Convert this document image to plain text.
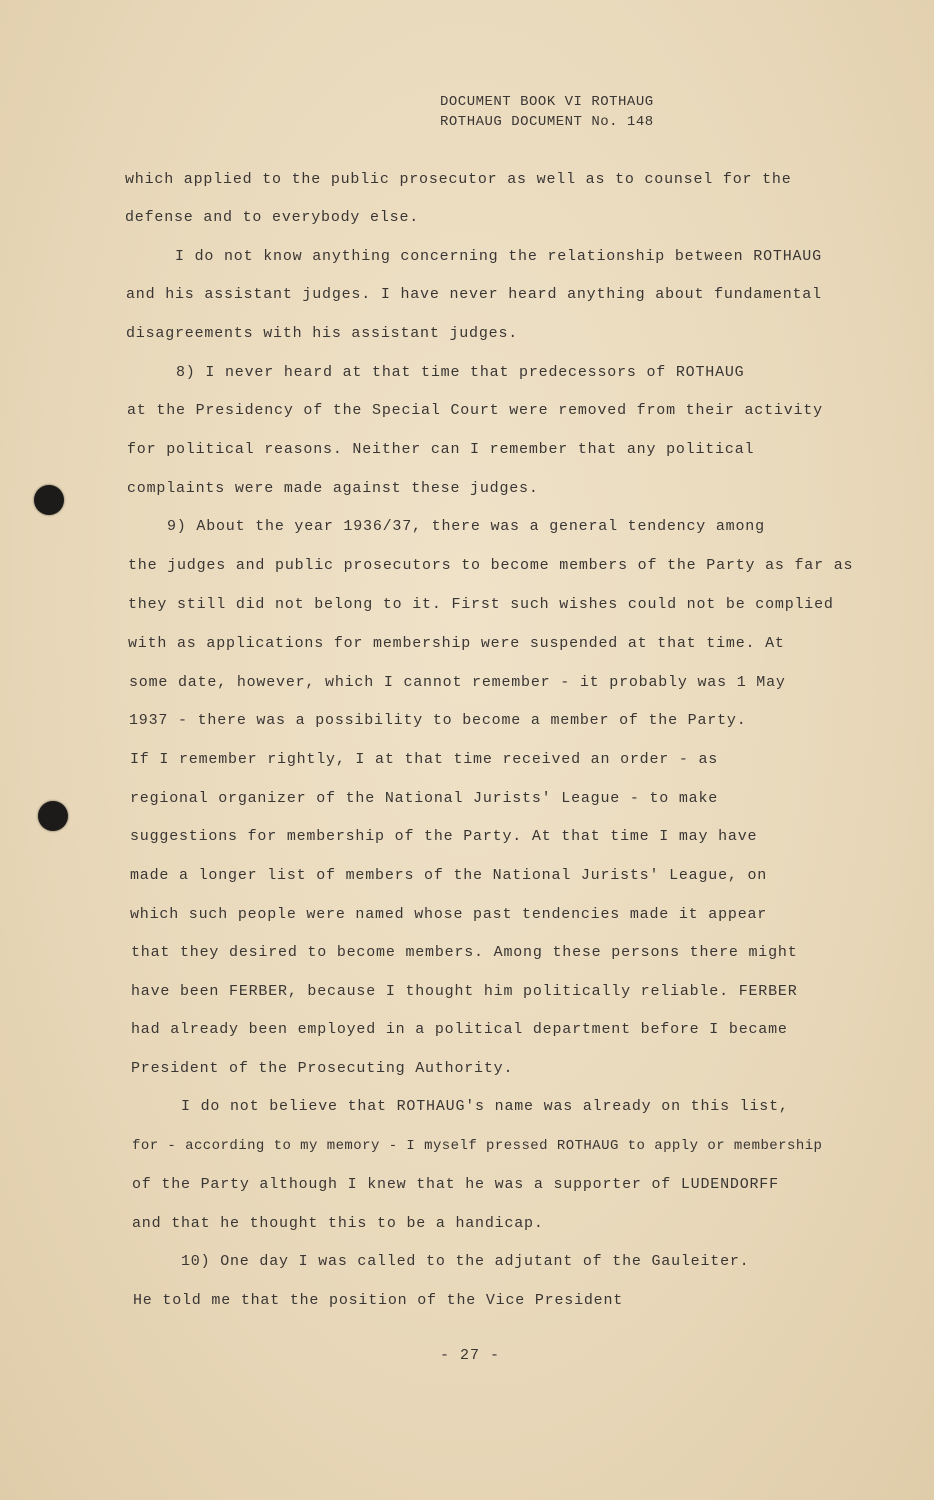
DOCUMENT BOOK VI ROTHAUG
ROTHAUG DOCUMENT No. 148
which applied to the public prosecutor as well as to counsel for the
defense and to everybody else.
I do not know anything concerning the relationship between ROTHAUG
and his assistant judges. I have never heard anything about fundamental
disagreements with his assistant judges.
8) I never heard at that time that predecessors of ROTHAUG
at the Presidency of the Special Court were removed from their activity
for political reasons. Neither can I remember that any political
complaints were made against these judges.
9) About the year 1936/37, there was a general tendency among
the judges and public prosecutors to become members of the Party as far as
they still did not belong to it. First such wishes could not be complied
with as applications for membership were suspended at that time. At
some date, however, which I cannot remember - it probably was 1 May
1937 - there was a possibility to become a member of the Party.
If I remember rightly, I at that time received an order - as
regional organizer of the National Jurists' League - to make
suggestions for membership of the Party. At that time I may have
made a longer list of members of the National Jurists' League, on
which such people were named whose past tendencies made it appear
that they desired to become members. Among these persons there might
have been FERBER, because I thought him politically reliable. FERBER
had already been employed in a political department before I became
President of the Prosecuting Authority.
I do not believe that ROTHAUG's name was already on this list,
for - according to my memory - I myself pressed ROTHAUG to apply or membership
of the Party although I knew that he was a supporter of LUDENDORFF
and that he thought this to be a handicap.
10) One day I was called to the adjutant of the Gauleiter.
He told me that the position of the Vice President
- 27 -
